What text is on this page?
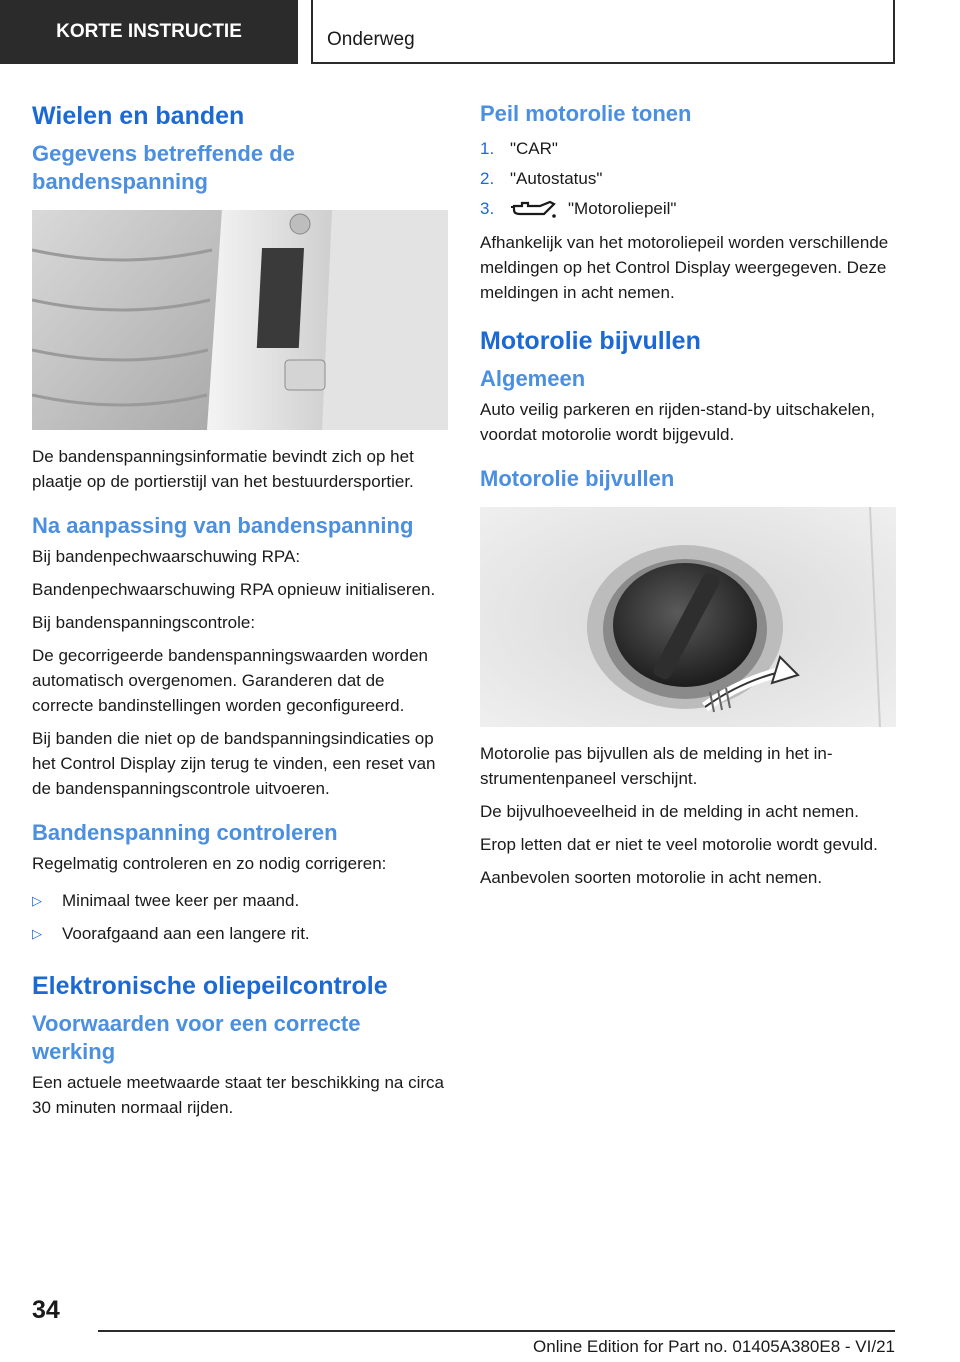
KORTE INSTRUCTIE	Onderweg
Wielen en banden
Gegevens betreffende de bandenspanning

De bandenspanningsinformatie bevindt zich op het plaatje op de portierstijl van het bestuurdersportier.

Na aanpassing van bandenspanning

Bij bandenpechwaarschuwing RPA:

Bandenpechwaarschuwing RPA opnieuw initialiseren.

Bij bandenspanningscontrole:

De gecorrigeerde bandenspanningswaarden worden automatisch overgenomen. Garanderen dat de correcte bandinstellingen worden geconfigureerd.

Bij banden die niet op de bandspanningsindicaties op het Control Display zijn terug te vinden, een reset van de bandenspanningscontrole uitvoeren.

Bandenspanning controleren

Regelmatig controleren en zo nodig corrigeren:

▷	Minimaal twee keer per maand.
▷	Voorafgaand aan een langere rit.
Elektronische oliepeilcontrole
Voorwaarden voor een correcte werking

Een actuele meetwaarde staat ter beschikking na circa 30 minuten normaal rijden.

Peil motorolie tonen
1. "CAR"
2. "Autostatus"
3.	"Motoroliepeil"

Afhankelijk van het motoroliepeil worden verschillende meldingen op het Control Display weergegeven. Deze meldingen in acht nemen.

Motorolie bijvullen
Algemeen

Auto veilig parkeren en rijden-stand-by uitschakelen, voordat motorolie wordt bijgevuld.

Motorolie bijvullen

Motorolie pas bijvullen als de melding in het instrumentenpaneel verschijnt.

De bijvulhoeveelheid in de melding in acht nemen.

Erop letten dat er niet te veel motorolie wordt gevuld.

Aanbevolen soorten motorolie in acht nemen.

34
Online Edition for Part no. 01405A380E8 - VI/21
